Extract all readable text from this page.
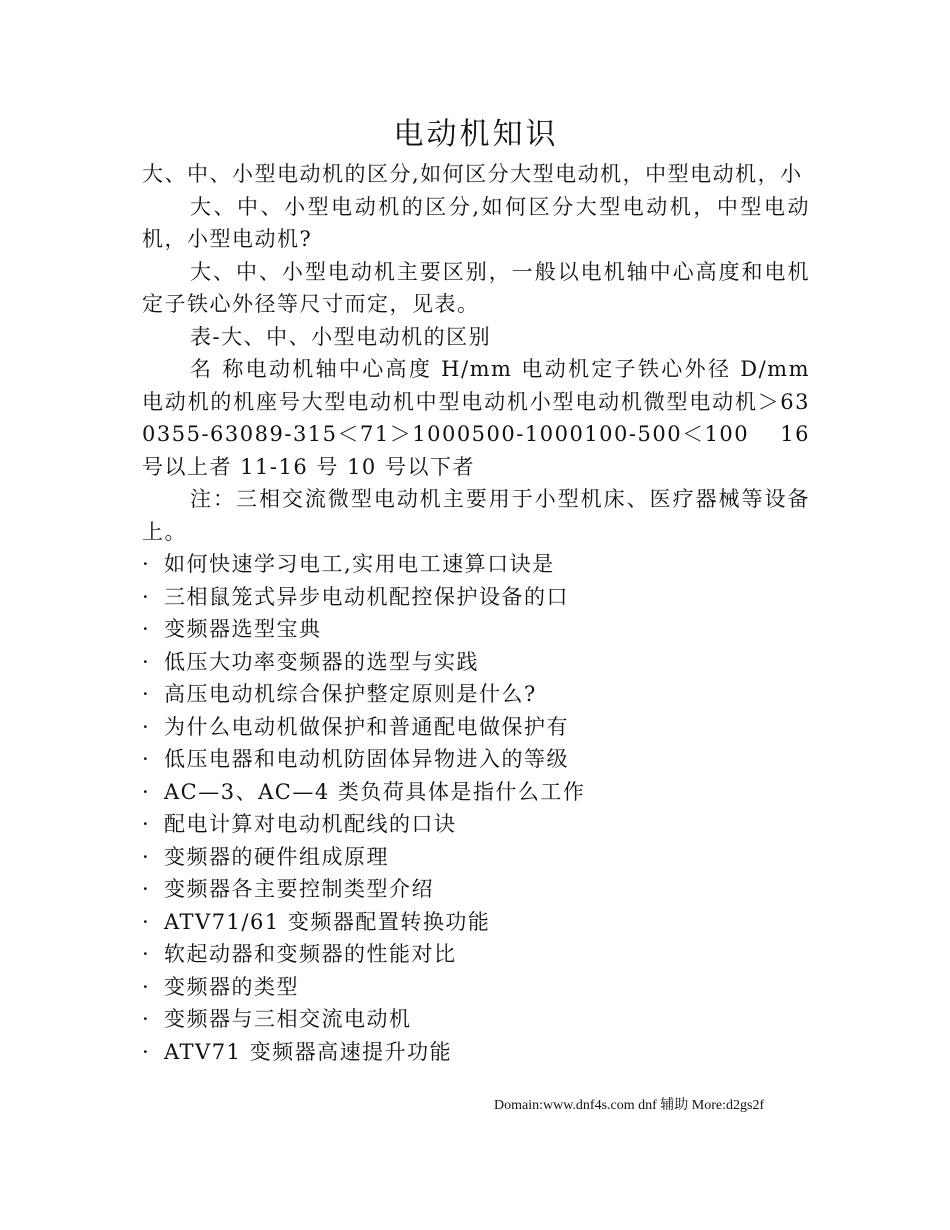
电动机知识

大、中、小型电动机的区分,如何区分大型电动机，中型电动机，小

大、中、小型电动机的区分,如何区分大型电动机，中型电动机，小型电动机?

大、中、小型电动机主要区别，一般以电机轴中心高度和电机定子铁心外径等尺寸而定，见表。

表-大、中、小型电动机的区别

名 称电动机轴中心高度 H/mm 电动机定子铁心外径 D/mm 电动机的机座号大型电动机中型电动机小型电动机微型电动机＞630355-63089-315＜71＞1000500-1000100-500＜100 16 号以上者 11-16 号 10 号以下者

注：三相交流微型电动机主要用于小型机床、医疗器械等设备上。

· 如何快速学习电工,实用电工速算口诀是
· 三相鼠笼式异步电动机配控保护设备的口
· 变频器选型宝典
· 低压大功率变频器的选型与实践
· 高压电动机综合保护整定原则是什么?
· 为什么电动机做保护和普通配电做保护有
· 低压电器和电动机防固体异物进入的等级
· AC—3、AC—4 类负荷具体是指什么工作
· 配电计算对电动机配线的口诀
· 变频器的硬件组成原理
· 变频器各主要控制类型介绍
· ATV71/61 变频器配置转换功能
· 软起动器和变频器的性能对比
· 变频器的类型
· 变频器与三相交流电动机
· ATV71 变频器高速提升功能
Domain:www.dnf4s.com dnf 辅助 More:d2gs2f
